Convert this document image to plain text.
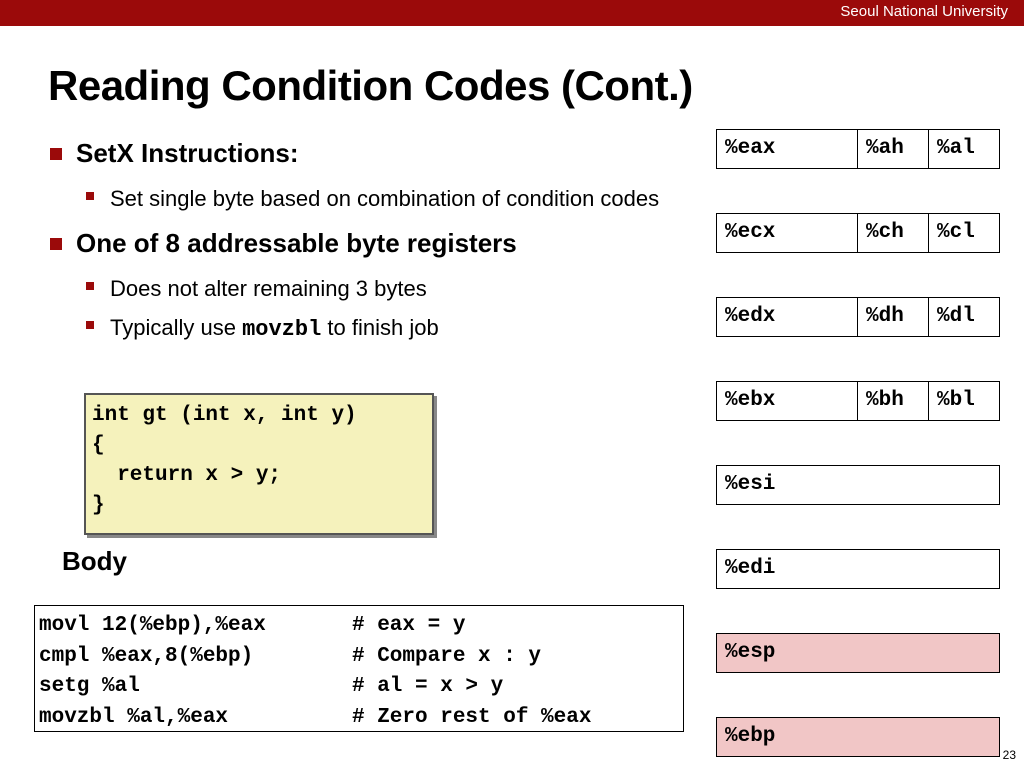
Seoul National University
Reading Condition Codes (Cont.)
SetX Instructions:
Set single byte based on combination of condition codes
One of 8 addressable byte registers
Does not alter remaining 3 bytes
Typically use movzbl to finish job
int gt (int x, int y)
{
return x > y;
}
Body
movl 12(%ebp),%eax	# eax = y
cmpl %eax,8(%ebp)	# Compare x : y
setg %al	# al = x > y
movzbl %al,%eax	# Zero rest of %eax
%eax	%ah	%al
%ecx	%ch	%cl
%edx	%dh	%dl
%ebx	%bh	%bl
%esi
%edi
%esp
%ebp
23
